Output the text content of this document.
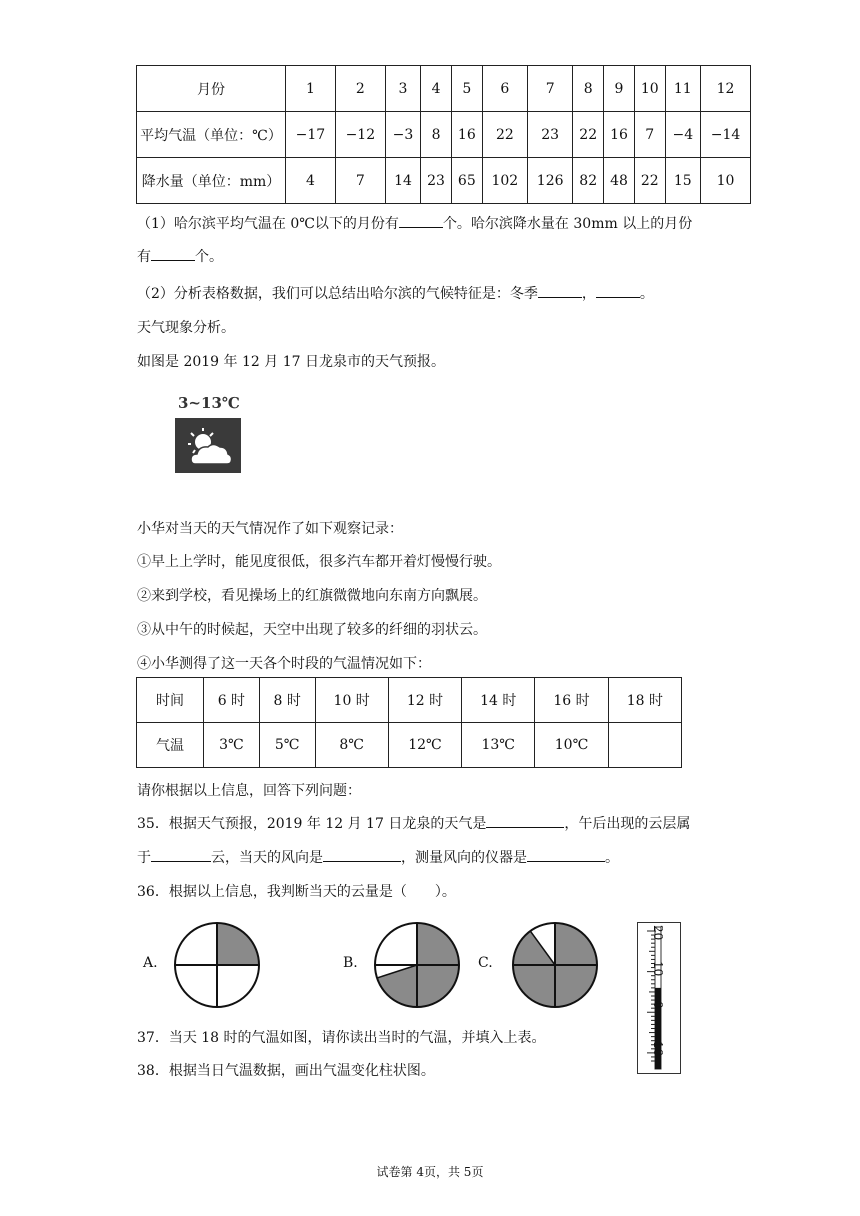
月份	1	2	3	4	5	6	7	8	9	10	11	12
平均气温（单位：℃）	−17	−12	−3	8	16	22	23	22	16	7	−4	−14
降水量（单位：mm）	4	7	14	23	65	102	126	82	48	22	15	10
（1）哈尔滨平均气温在 0℃以下的月份有	个。哈尔滨降水量在 30mm 以上的月份
有	个。
（2）分析表格数据，我们可以总结出哈尔滨的气候特征是：冬季	，	。
天气现象分析。
如图是 2019 年 12 月 17 日龙泉市的天气预报。
3~13℃
小华对当天的天气情况作了如下观察记录：
①早上上学时，能见度很低，很多汽车都开着灯慢慢行驶。
②来到学校，看见操场上的红旗微微地向东南方向飘展。
③从中午的时候起，天空中出现了较多的纤细的羽状云。
④小华测得了这一天各个时段的气温情况如下：
时间	6 时	8 时	10 时	12 时	14 时	16 时	18 时
气温	3℃	5℃	8℃	12℃	13℃	10℃	
请你根据以上信息，回答下列问题：
35．根据天气预报，2019 年 12 月 17 日龙泉的天气是	，午后出现的云层属
于	云，当天的风向是	，测量风向的仪器是	。
36．根据以上信息，我判断当天的云量是（　　）。
A.	B.	C.
20
10
0
10
37．当天 18 时的气温如图，请你读出当时的气温，并填入上表。
38．根据当日气温数据，画出气温变化柱状图。
试卷第 4页，共 5页
